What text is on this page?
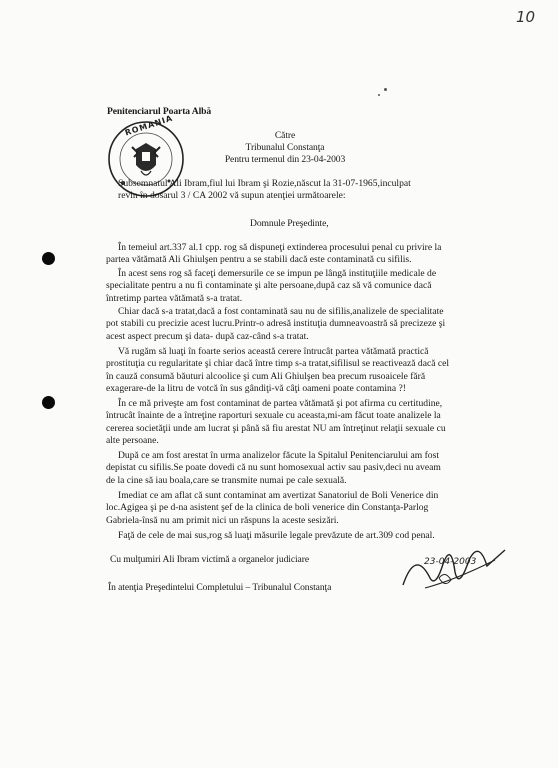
10
Penitenciarul Poarta Albă
Către
Tribunalul Constanţa
Pentru termenul din 23-04-2003
ROMANIA

Subsemnatul Ali Ibram,fiul lui Ibram şi Rozie,născut la 31-07-1965,inculpat

revin în dosarul 3 / CA 2002 vă supun atenţiei următoarele:

Domnule Preşedinte,

În temeiul art.337 al.1 cpp. rog să dispuneţi extinderea procesului penal cu privire la

partea vătămată Ali Ghiulşen pentru a se stabili dacă este contaminată cu sifilis.

În acest sens rog să faceţi demersurile ce se impun pe lângă instituţiile medicale de

specialitate pentru a nu fi contaminate şi alte persoane,după caz să vă comunice dacă

întretimp partea vătămată s-a tratat.

Chiar dacă s-a tratat,dacă a fost contaminată sau nu de sifilis,analizele de specialitate

pot stabili cu precizie acest lucru.Printr-o adresă instituţia dumneavoastră să precizeze şi

acest aspect precum şi data- după caz-când s-a tratat.

Vă rugăm să luaţi în foarte serios această cerere întrucât partea vătămată practică

prostituţia cu regularitate şi chiar dacă între timp s-a tratat,sifilisul se reactivează dacă cel

în cauză consumă băuturi alcoolice şi cum Ali Ghiulşen bea precum rusoaicele fără

exagerare-de la litru de votcă în sus gândiţi-vă câţi oameni poate contamina ?!

În ce mă priveşte am fost contaminat de partea vătămată şi pot afirma cu certitudine,

întrucât înainte de a întreţine raporturi sexuale cu aceasta,mi-am făcut toate analizele la

cererea societăţii unde am lucrat şi până să fiu arestat NU am întreţinut relaţii sexuale cu

alte persoane.

După ce am fost arestat în urma analizelor făcute la Spitalul Penitenciarului am fost

depistat cu sifilis.Se poate dovedi că nu sunt homosexual activ sau pasiv,deci nu aveam

de la cine să iau boala,care se transmite numai pe cale sexuală.

Imediat ce am aflat că sunt contaminat am avertizat Sanatoriul de Boli Venerice din

loc.Agigea şi pe d-na asistent şef de la clinica de boli venerice din Constanţa-Parlog

Gabriela-însă nu am primit nici un răspuns la aceste sesizări.

Faţă de cele de mai sus,rog să luaţi măsurile legale prevăzute de art.309 cod penal.

Cu mulţumiri Ali Ibram victimă a organelor judiciare	23-04-2003
În atenţia Preşedintelui Completului – Tribunalul Constanţa
